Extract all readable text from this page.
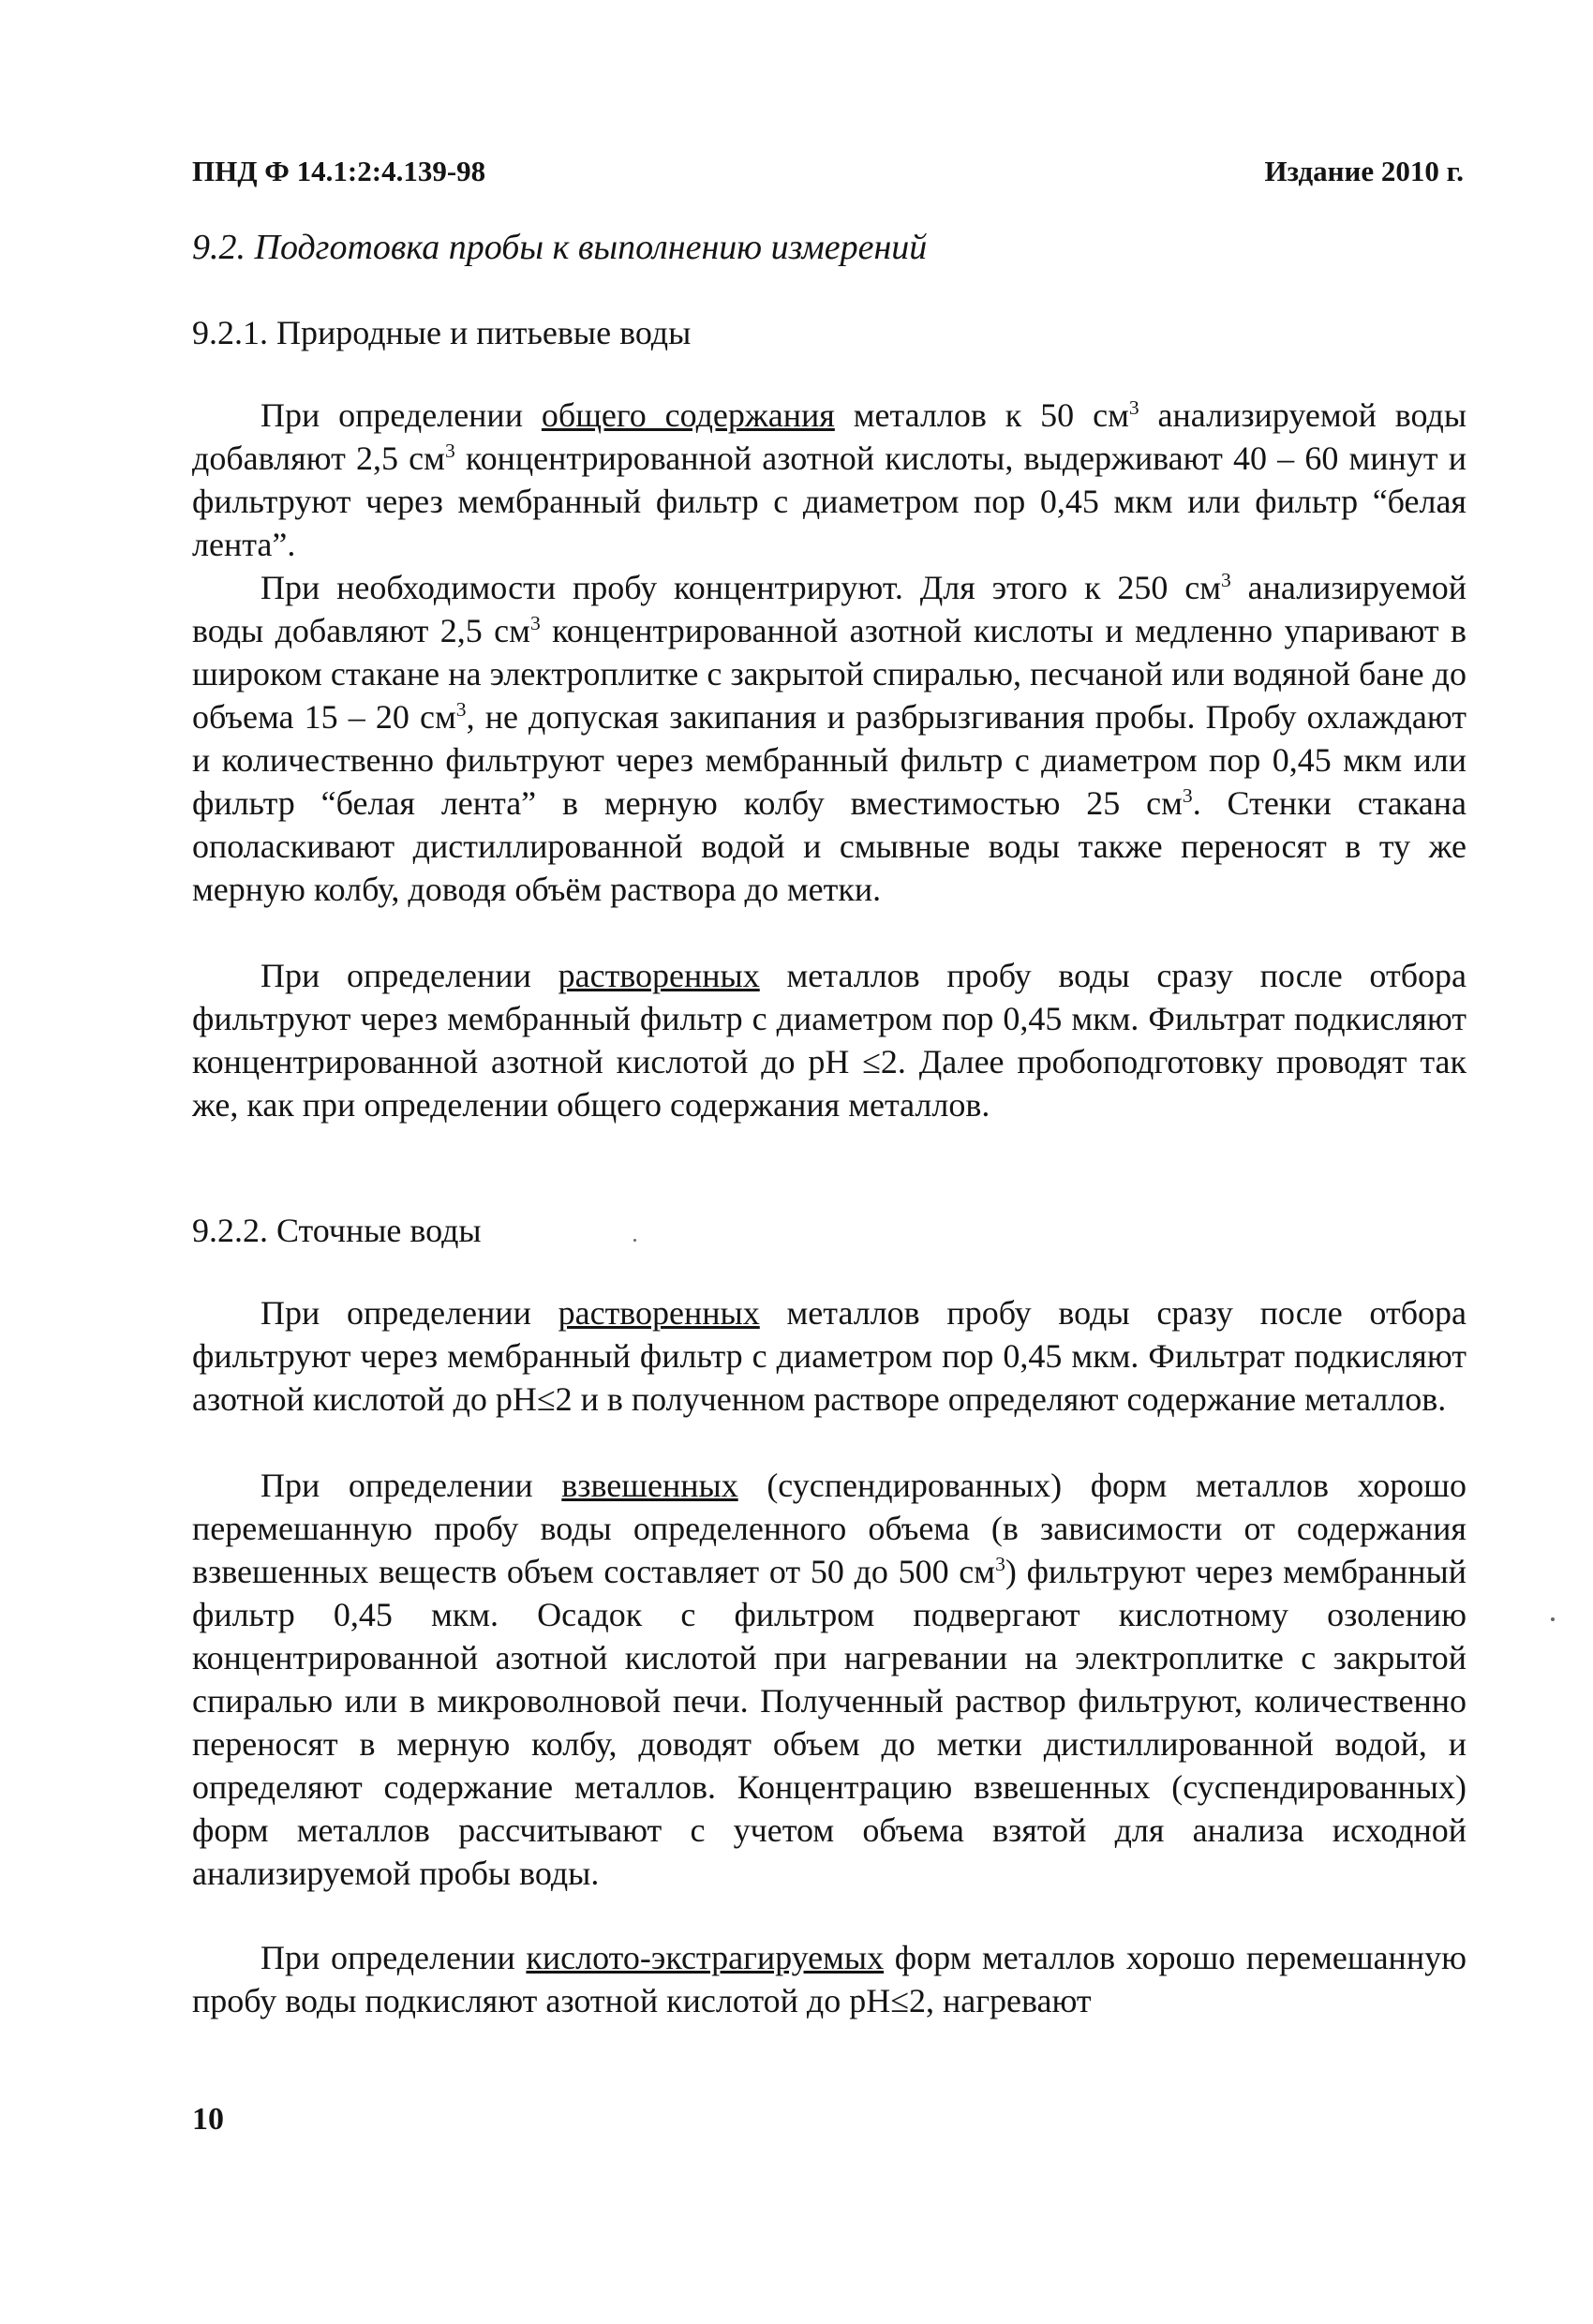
ПНД Ф 14.1:2:4.139-98	Издание 2010 г.
9.2. Подготовка пробы к выполнению измерений
9.2.1. Природные и питьевые воды
При определении общего содержания металлов к 50 $см^3$ анализируемой воды добавляют 2,5 $см^3$ концентрированной азотной кислоты, выдерживают 40 – 60 минут и фильтруют через мембранный фильтр с диаметром пор 0,45 мкм или фильтр “белая лента”.
При необходимости пробу концентрируют. Для этого к 250 $см^3$ анализируемой воды добавляют 2,5 $см^3$ концентрированной азотной кислоты и медленно упаривают в широком стакане на электроплитке с закрытой спиралью, песчаной или водяной бане до объема 15 – 20 $см^3$, не допуская закипания и разбрызгивания пробы. Пробу охлаждают и количественно фильтруют через мембранный фильтр с диаметром пор 0,45 мкм или фильтр “белая лента” в мерную колбу вместимостью 25 $см^3$. Стенки стакана ополаскивают дистиллированной водой и смывные воды также переносят в ту же мерную колбу, доводя объём раствора до метки.
При определении растворенных металлов пробу воды сразу после отбора фильтруют через мембранный фильтр с диаметром пор 0,45 мкм. Фильтрат подкисляют концентрированной азотной кислотой до pH ≤2. Далее пробоподготовку проводят так же, как при определении общего содержания металлов.
9.2.2. Сточные воды
При определении растворенных металлов пробу воды сразу после отбора фильтруют через мембранный фильтр с диаметром пор 0,45 мкм. Фильтрат подкисляют азотной кислотой до pH≤2 и в полученном растворе определяют содержание металлов.
При определении взвешенных (суспендированных) форм металлов хорошо перемешанную пробу воды определенного объема (в зависимости от содержания взвешенных веществ объем составляет от 50 до 500 $см^3$) фильтруют через мембранный фильтр 0,45 мкм. Осадок с фильтром подвергают кислотному озолению концентрированной азотной кислотой при нагревании на электроплитке с закрытой спиралью или в микроволновой печи. Полученный раствор фильтруют, количественно переносят в мерную колбу, доводят объем до метки дистиллированной водой, и определяют содержание металлов. Концентрацию взвешенных (суспендированных) форм металлов рассчитывают с учетом объема взятой для анализа исходной анализируемой пробы воды.
При определении кислото-экстрагируемых форм металлов хорошо перемешанную пробу воды подкисляют азотной кислотой до pH≤2, нагревают
10
